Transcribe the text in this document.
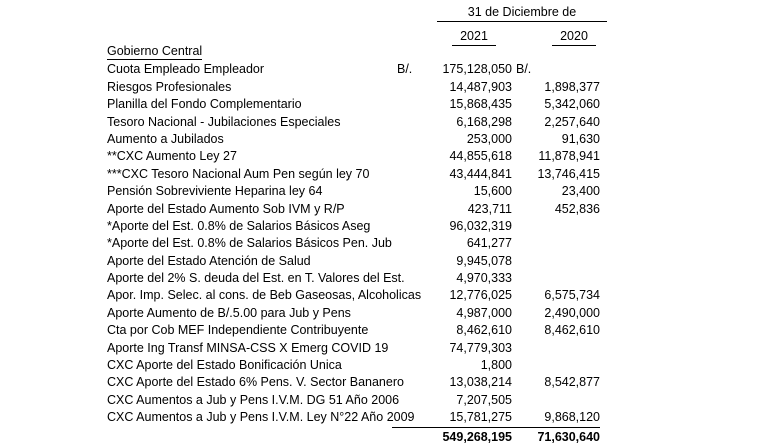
31 de Diciembre de
2021	2020
Gobierno Central
Cuota Empleado Empleador	B/.	175,128,050 B/.
Riesgos Profesionales	14,487,903	1,898,377
Planilla del Fondo Complementario	15,868,435	5,342,060
Tesoro Nacional - Jubilaciones Especiales	6,168,298	2,257,640
Aumento a Jubilados	253,000	91,630
**CXC Aumento Ley 27	44,855,618	11,878,941
***CXC Tesoro Nacional Aum Pen según ley 70	43,444,841	13,746,415
Pensión Sobreviviente Heparina ley 64	15,600	23,400
Aporte del Estado Aumento Sob IVM y R/P	423,711	452,836
*Aporte del Est. 0.8% de Salarios Básicos Aseg	96,032,319
*Aporte del Est. 0.8% de Salarios Básicos Pen. Jub	641,277
Aporte del Estado Atención de Salud	9,945,078
Aporte del 2% S. deuda del Est. en T. Valores del Est.	4,970,333
Apor. Imp. Selec. al cons. de Beb Gaseosas, Alcoholicas	12,776,025	6,575,734
Aporte Aumento de B/.5.00 para Jub y Pens	4,987,000	2,490,000
Cta por Cob MEF Independiente Contribuyente	8,462,610	8,462,610
Aporte Ing Transf MINSA-CSS X Emerg COVID 19	74,779,303
CXC Aporte del Estado Bonificación Unica	1,800
CXC Aporte del Estado 6% Pens. V. Sector Bananero	13,038,214	8,542,877
CXC Aumentos a Jub y Pens I.V.M. DG 51 Año 2006	7,207,505
CXC Aumentos a Jub y Pens I.V.M. Ley N°22 Año 2009	15,781,275	9,868,120
549,268,195	71,630,640
